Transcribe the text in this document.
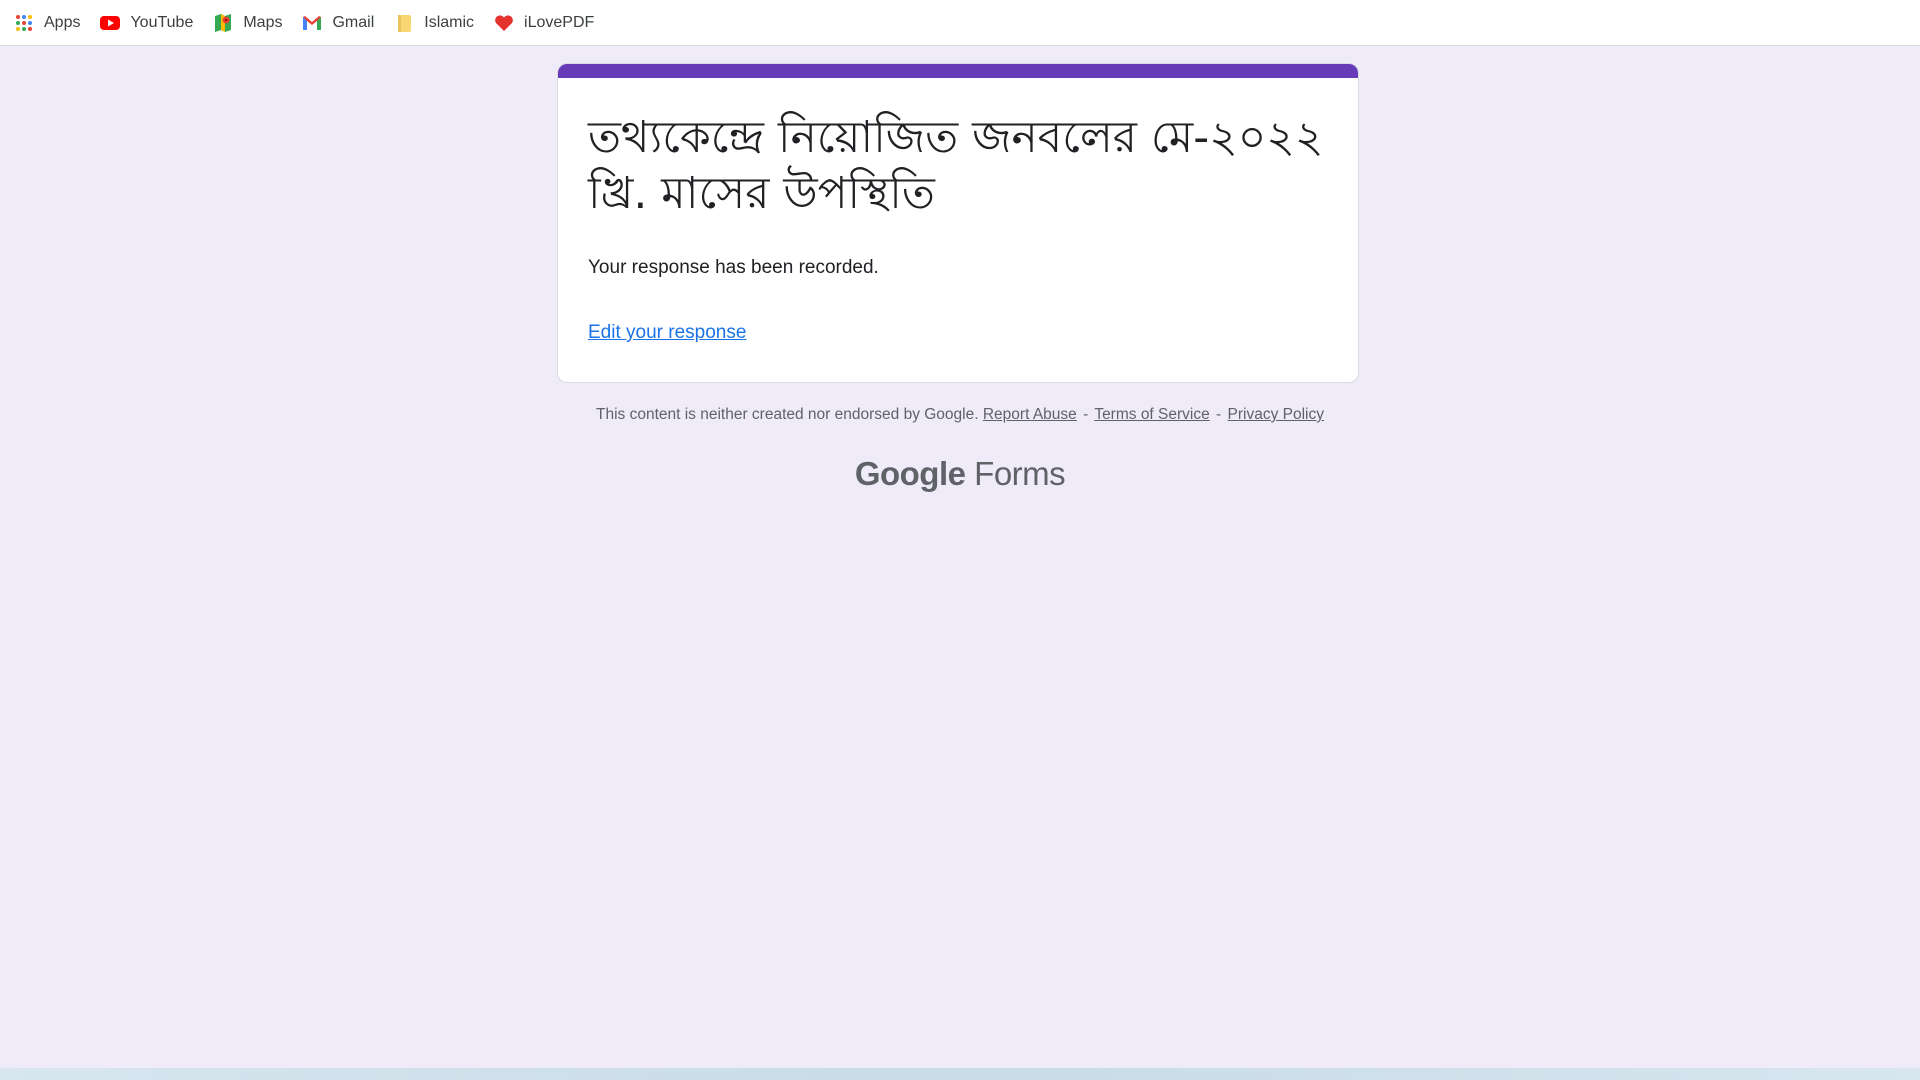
Apps	YouTube	Maps	Gmail	Islamic	iLovePDF
তথ্যকেন্দ্রে নিয়োজিত জনবলের মে-২০২২ খ্রি. মাসের উপস্থিতি
Your response has been recorded.
Edit your response
This content is neither created nor endorsed by Google. Report Abuse - Terms of Service - Privacy Policy
Google Forms
